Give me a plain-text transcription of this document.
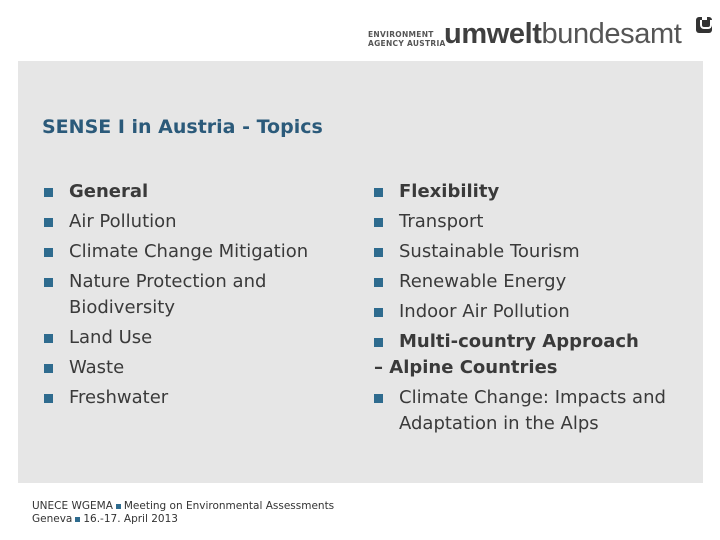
ENVIRONMENT
AGENCY AUSTRIA
umweltbundesamt
SENSE I in Austria - Topics
General
Air Pollution
Climate Change Mitigation
Nature Protection and Biodiversity
Land Use
Waste
Freshwater
Flexibility
Transport
Sustainable Tourism
Renewable Energy
Indoor Air Pollution
Multi-country Approach
– Alpine Countries
Climate Change: Impacts and Adaptation in the Alps
UNECE WGEMA Meeting on Environmental Assessments
Geneva 16.-17. April 2013
